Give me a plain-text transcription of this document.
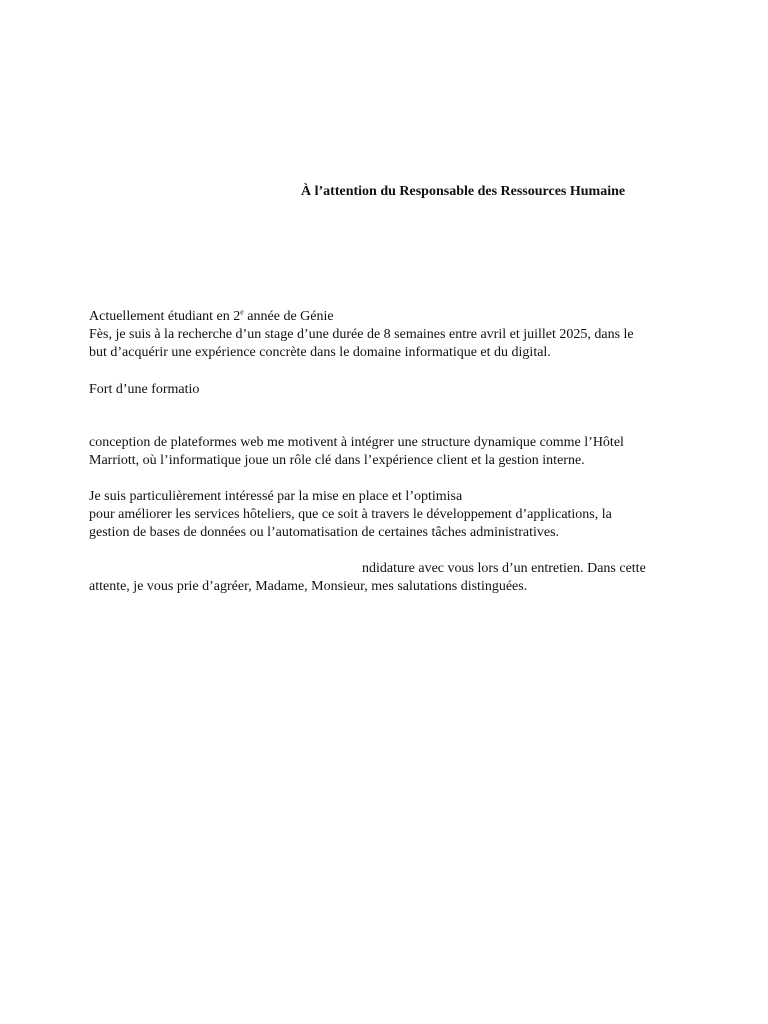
À l’attention du Responsable des Ressources Humaine
Actuellement étudiant en 2e année de Génie
Fès, je suis à la recherche d’un stage d’une durée de 8 semaines entre avril et juillet 2025, dans le
but d’acquérir une expérience concrète dans le domaine informatique et du digital.
Fort d’une formatio
conception de plateformes web me motivent à intégrer une structure dynamique comme l’Hôtel
Marriott, où l’informatique joue un rôle clé dans l’expérience client et la gestion interne.
Je suis particulièrement intéressé par la mise en place et l’optimisa
pour améliorer les services hôteliers, que ce soit à travers le développement d’applications, la
gestion de bases de données ou l’automatisation de certaines tâches administratives.
ndidature avec vous lors d’un entretien. Dans cette
attente, je vous prie d’agréer, Madame, Monsieur, mes salutations distinguées.
